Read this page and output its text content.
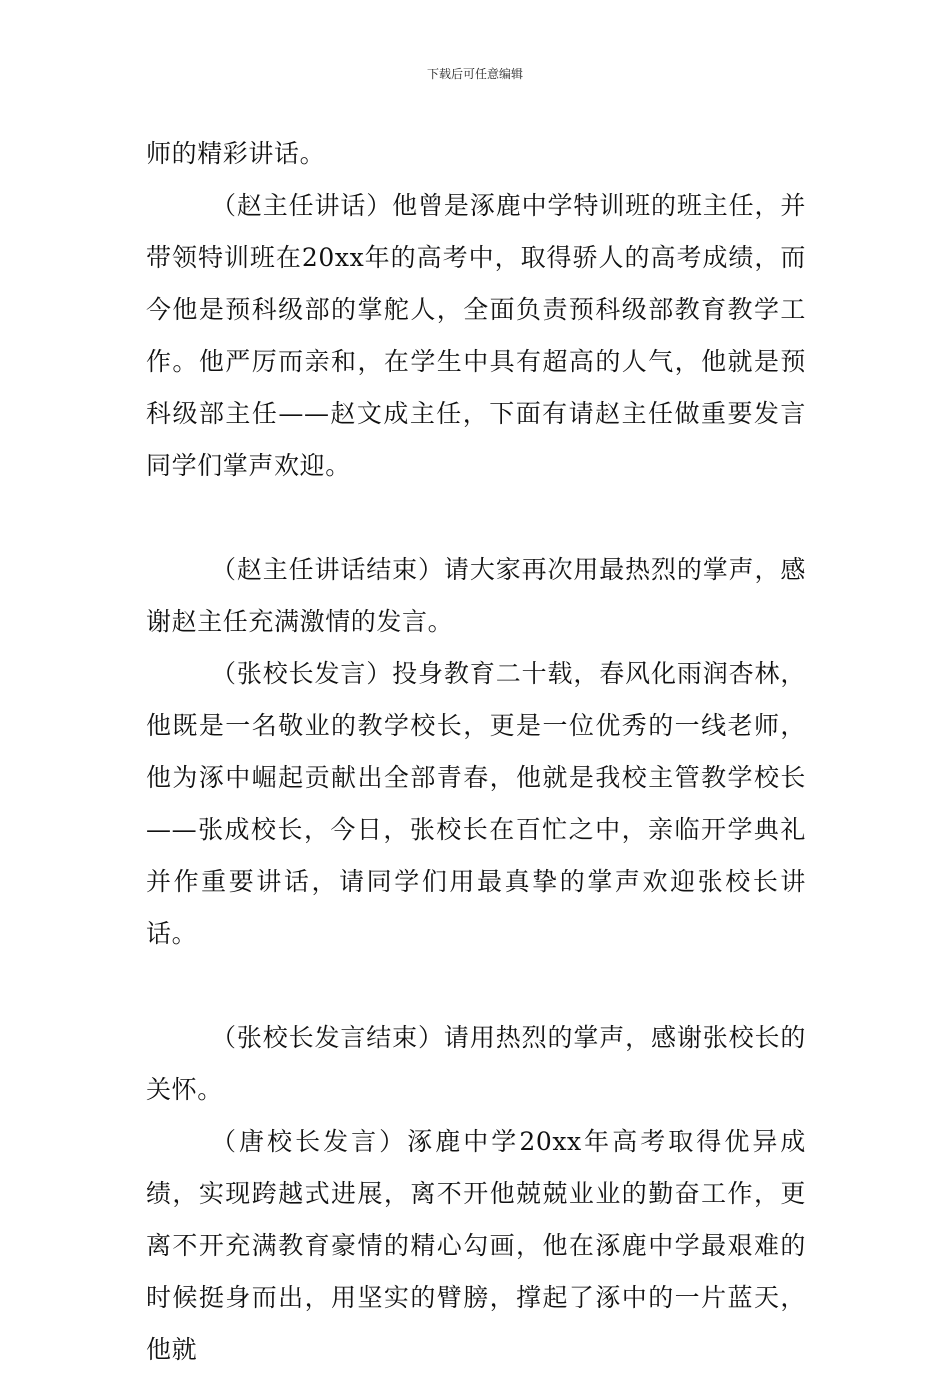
下载后可任意编辑

师的精彩讲话。

（赵主任讲话）他曾是涿鹿中学特训班的班主任，并带领特训班在20xx年的高考中，取得骄人的高考成绩，而今他是预科级部的掌舵人，全面负责预科级部教育教学工作。他严厉而亲和，在学生中具有超高的人气，他就是预科级部主任——赵文成主任，下面有请赵主任做重要发言同学们掌声欢迎。

（赵主任讲话结束）请大家再次用最热烈的掌声，感谢赵主任充满激情的发言。

（张校长发言）投身教育二十载，春风化雨润杏林，他既是一名敬业的教学校长，更是一位优秀的一线老师，他为涿中崛起贡献出全部青春，他就是我校主管教学校长——张成校长，今日，张校长在百忙之中，亲临开学典礼并作重要讲话，请同学们用最真挚的掌声欢迎张校长讲话。

（张校长发言结束）请用热烈的掌声，感谢张校长的关怀。

（唐校长发言）涿鹿中学20xx年高考取得优异成绩，实现跨越式进展，离不开他兢兢业业的勤奋工作，更离不开充满教育豪情的精心勾画，他在涿鹿中学最艰难的时候挺身而出，用坚实的臂膀，撑起了涿中的一片蓝天，他就
